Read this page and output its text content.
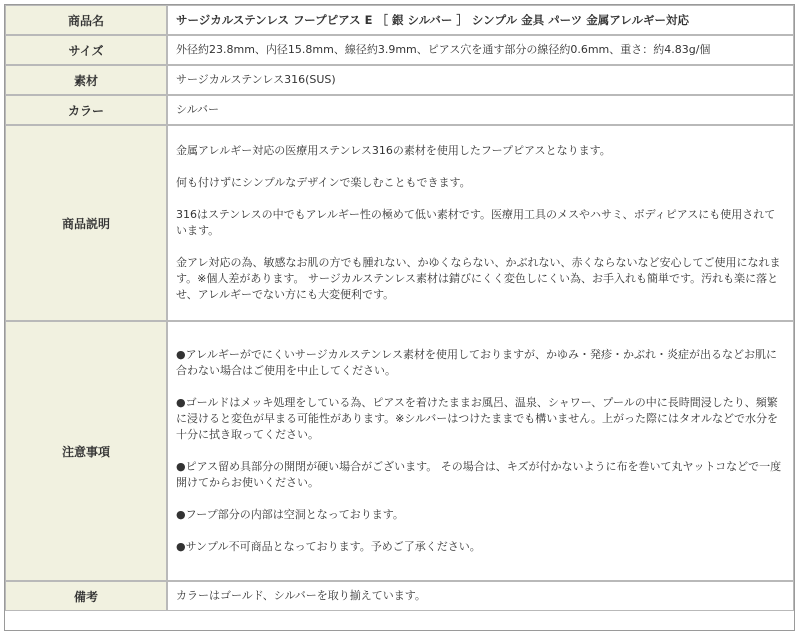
商品名	サージカルステンレス フープピアス E ［ 銀 シルバー ］ シンプル 金具 パーツ 金属アレルギー対応
サイズ	外径約23.8mm、内径15.8mm、線径約3.9mm、ピアス穴を通す部分の線径約0.6mm、重さ：約4.83g/個
素材	サージカルステンレス316(SUS)
カラー	シルバー
商品説明	金属アレルギー対応の医療用ステンレス316の素材を使用したフープピアスとなります。

何も付けずにシンプルなデザインで楽しむこともできます。

316はステンレスの中でもアレルギー性の極めて低い素材です。医療用工具のメスやハサミ、ボディピアスにも使用されています。

金アレ対応の為、敏感なお肌の方でも腫れない、かゆくならない、かぶれない、赤くならないなど安心してご使用になれます。※個人差があります。 サージカルステンレス素材は錆びにくく変色しにくい為、お手入れも簡単です。汚れも楽に落とせ、アレルギーでない方にも大変便利です。

注意事項	●アレルギーがでにくいサージカルステンレス素材を使用しておりますが、かゆみ・発疹・かぶれ・炎症が出るなどお肌に合わない場合はご使用を中止してください。

●ゴールドはメッキ処理をしている為、ピアスを着けたままお風呂、温泉、シャワー、プールの中に長時間浸したり、頻繁に浸けると変色が早まる可能性があります。※シルバーはつけたままでも構いません。上がった際にはタオルなどで水分を十分に拭き取ってください。

●ピアス留め具部分の開閉が硬い場合がございます。 その場合は、キズが付かないように布を巻いて丸ヤットコなどで一度開けてからお使いください。

●フープ部分の内部は空洞となっております。

●サンプル不可商品となっております。予めご了承ください。

備考	カラーはゴールド、シルバーを取り揃えています。
